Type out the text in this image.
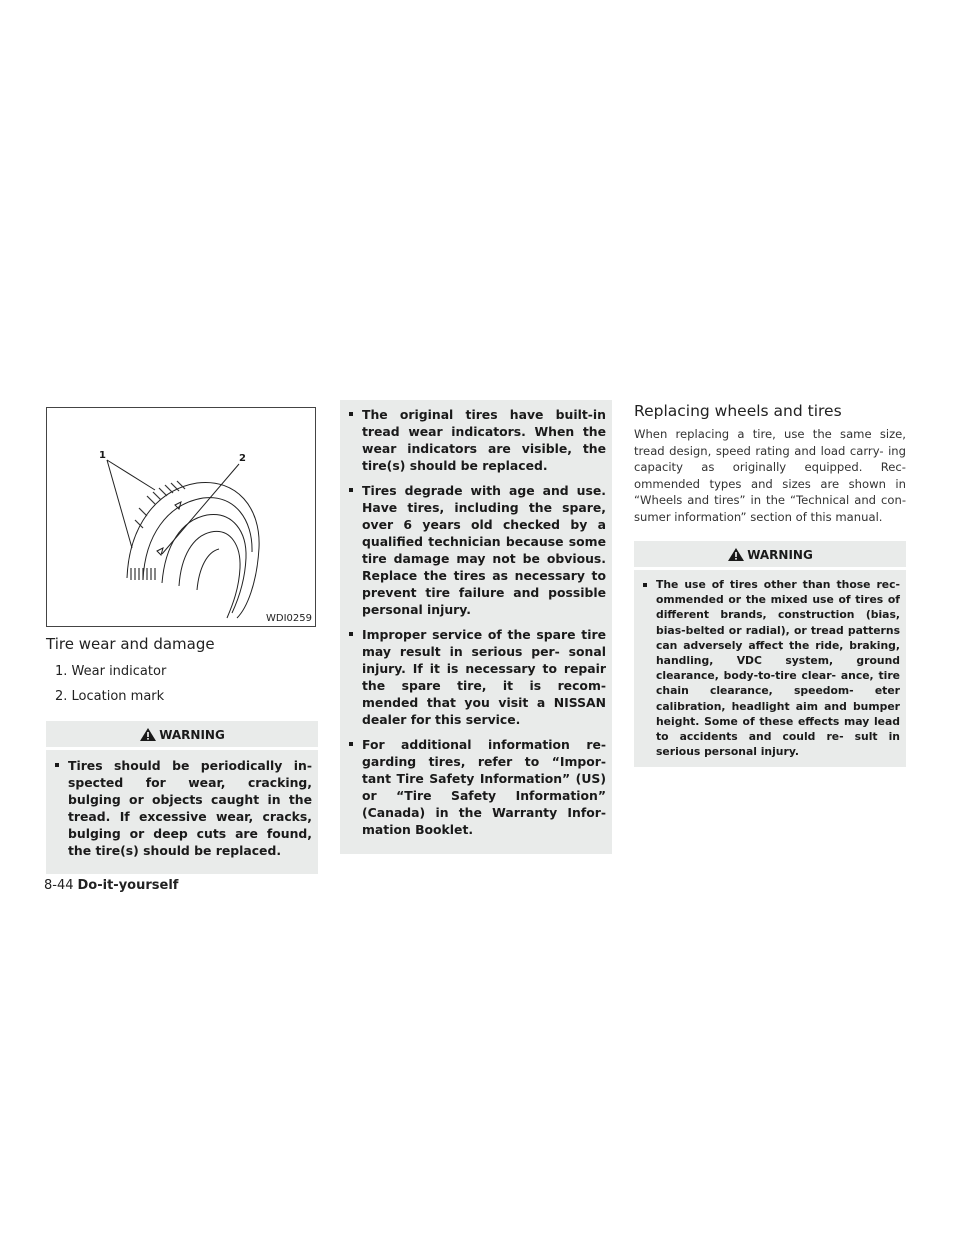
1	2
WDI0259
Tire wear and damage
1. Wear indicator
2. Location mark
WARNING
Tires should be periodically in- spected for wear, cracking, bulging or objects caught in the tread. If excessive wear, cracks, bulging or deep cuts are found, the tire(s) should be replaced.
The original tires have built-in tread wear indicators. When the wear indicators are visible, the tire(s) should be replaced.
Tires degrade with age and use. Have tires, including the spare, over 6 years old checked by a qualified technician because some tire damage may not be obvious. Replace the tires as necessary to prevent tire failure and possible personal injury.
Improper service of the spare tire may result in serious per- sonal injury. If it is necessary to repair the spare tire, it is recom- mended that you visit a NISSAN dealer for this service.
For additional information re- garding tires, refer to “Impor- tant Tire Safety Information” (US) or “Tire Safety Information” (Canada) in the Warranty Infor- mation Booklet.
Replacing wheels and tires

When replacing a tire, use the same size, tread design, speed rating and load carry- ing capacity as originally equipped. Rec- ommended types and sizes are shown in “Wheels and tires” in the “Technical and con- sumer information” section of this manual.

WARNING
The use of tires other than those rec- ommended or the mixed use of tires of different brands, construction (bias, bias-belted or radial), or tread patterns can adversely affect the ride, braking, handling, VDC system, ground clearance, body-to-tire clear- ance, tire chain clearance, speedom- eter calibration, headlight aim and bumper height. Some of these effects may lead to accidents and could re- sult in serious personal injury.
8-44 Do-it-yourself
